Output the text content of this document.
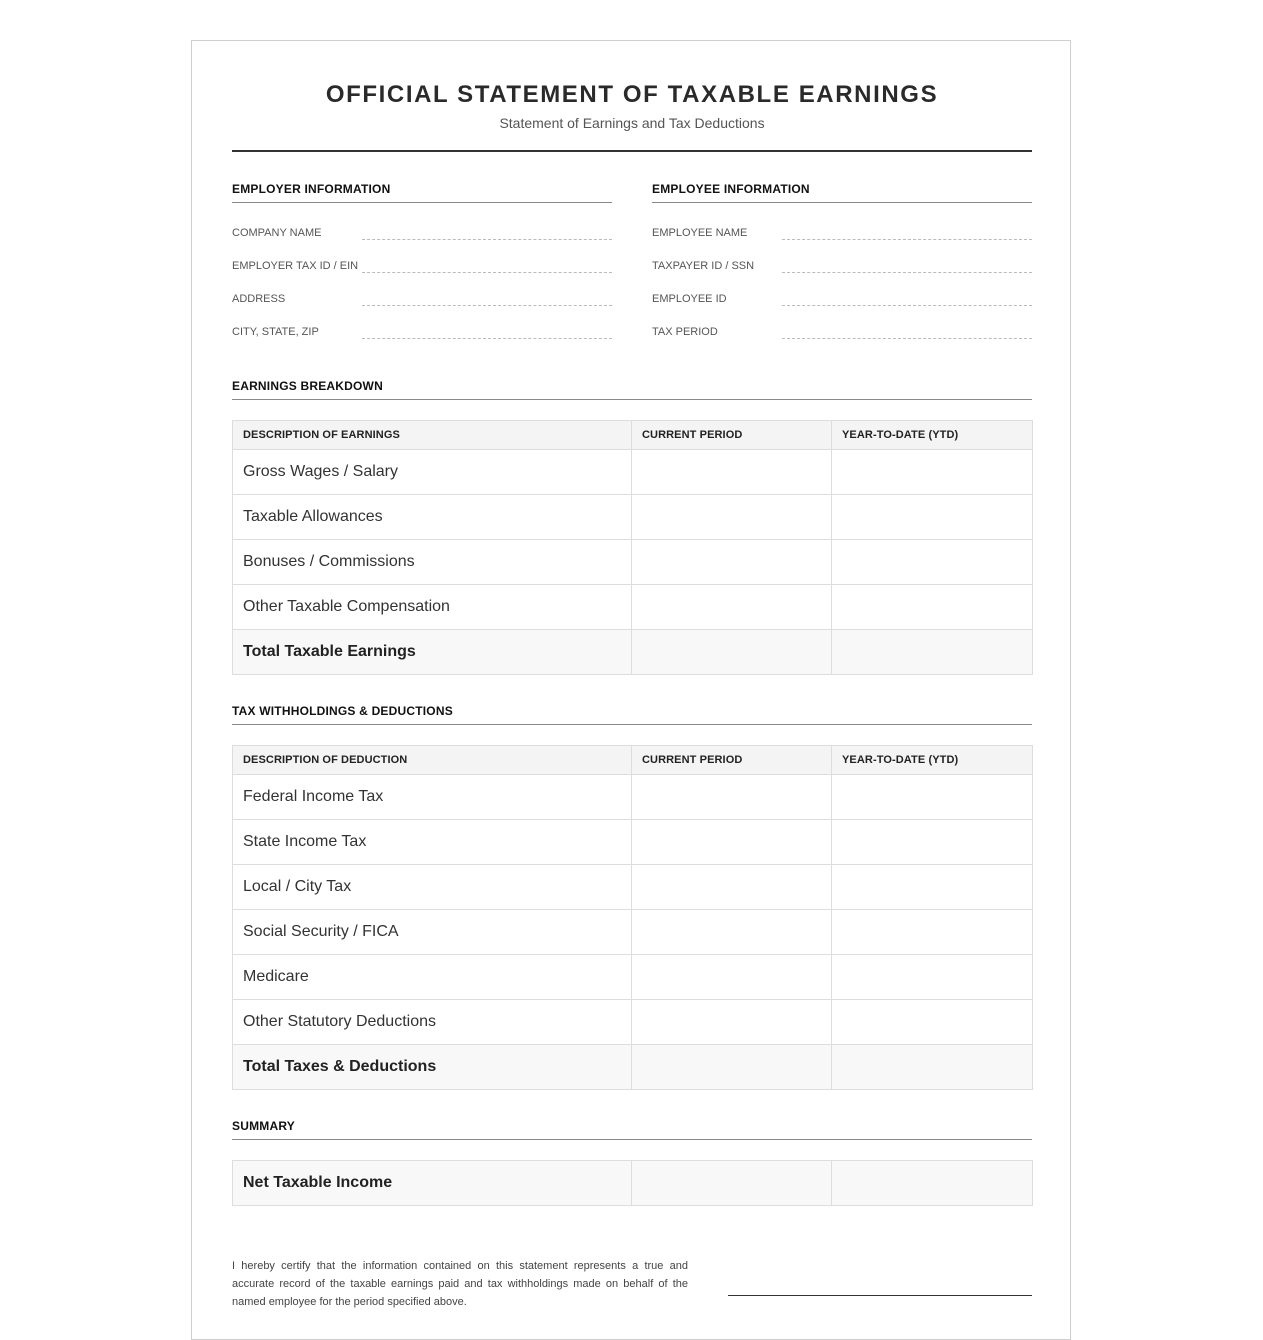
OFFICIAL STATEMENT OF TAXABLE EARNINGS
Statement of Earnings and Tax Deductions
EMPLOYER INFORMATION
COMPANY NAME
EMPLOYER TAX ID / EIN
ADDRESS
CITY, STATE, ZIP
EMPLOYEE INFORMATION
EMPLOYEE NAME
TAXPAYER ID / SSN
EMPLOYEE ID
TAX PERIOD
EARNINGS BREAKDOWN
DESCRIPTION OF EARNINGS	CURRENT PERIOD	YEAR-TO-DATE (YTD)
Gross Wages / Salary		
Taxable Allowances		
Bonuses / Commissions		
Other Taxable Compensation		
Total Taxable Earnings		
TAX WITHHOLDINGS & DEDUCTIONS
DESCRIPTION OF DEDUCTION	CURRENT PERIOD	YEAR-TO-DATE (YTD)
Federal Income Tax		
State Income Tax		
Local / City Tax		
Social Security / FICA		
Medicare		
Other Statutory Deductions		
Total Taxes & Deductions		
SUMMARY
Net Taxable Income		
I hereby certify that the information contained on this statement represents a true and accurate record of the taxable earnings paid and tax withholdings made on behalf of the named employee for the period specified above.
